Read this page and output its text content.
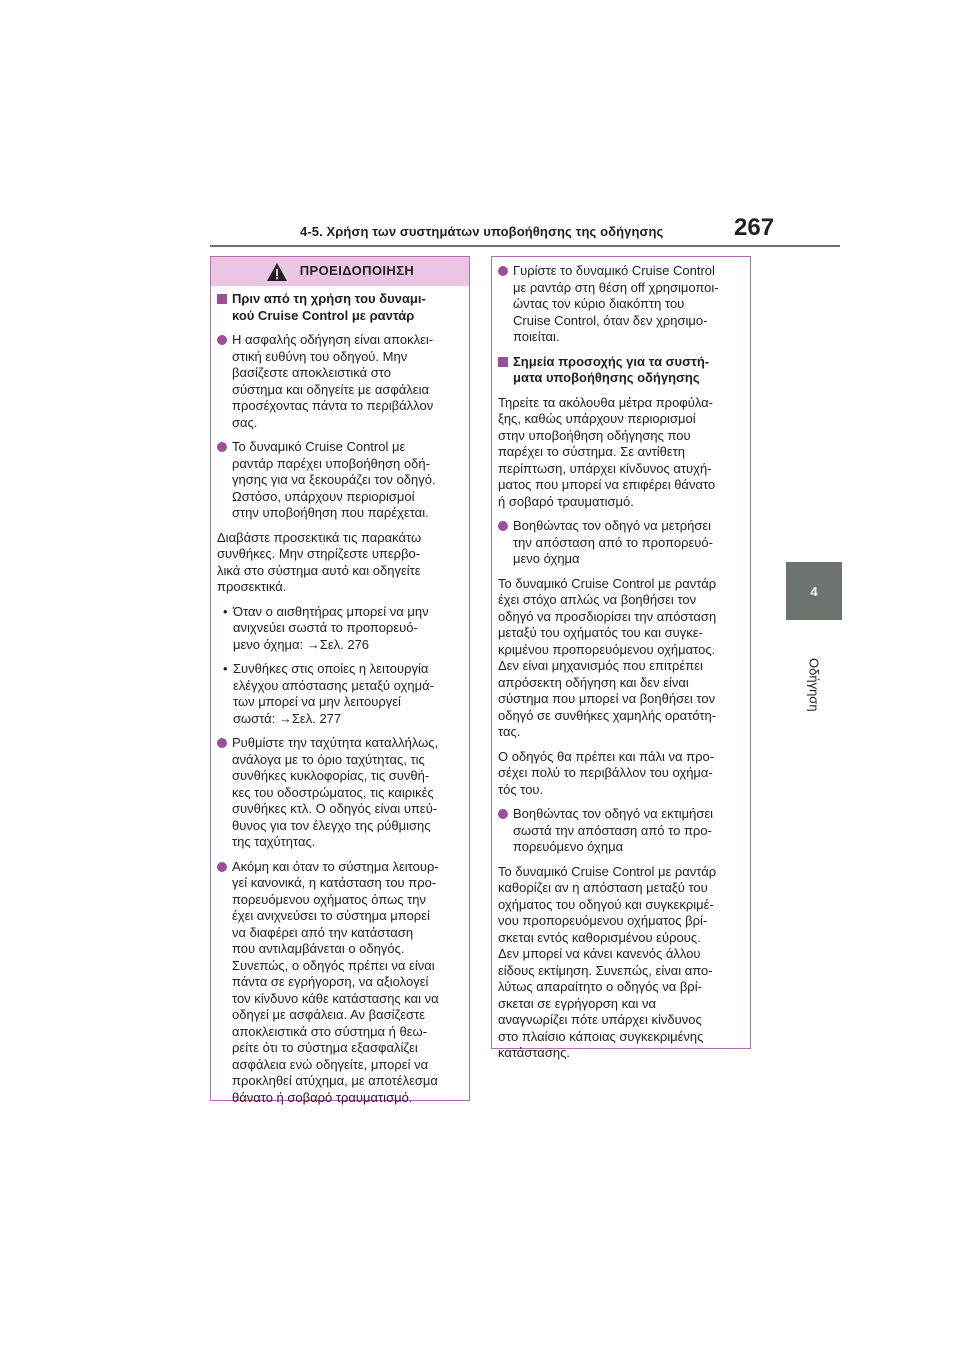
4-5. Χρήση των συστημάτων υποβοήθησης της οδήγησης	267
4
Οδήγηση
ΠΡΟΕΙΔΟΠΟΙΗΣΗ
Πριν από τη χρήση του δυναμι-
κού Cruise Control με ραντάρ
Η ασφαλής οδήγηση είναι αποκλει-
στική ευθύνη του οδηγού. Μην
βασίζεστε αποκλειστικά στο
σύστημα και οδηγείτε με ασφάλεια
προσέχοντας πάντα το περιβάλλον
σας.
Το δυναμικό Cruise Control με
ραντάρ παρέχει υποβοήθηση οδή-
γησης για να ξεκουράζει τον οδηγό.
Ωστόσο, υπάρχουν περιορισμοί
στην υποβοήθηση που παρέχεται.

Διαβάστε προσεκτικά τις παρακάτω
συνθήκες. Μην στηρίζεστε υπερβο-
λικά στο σύστημα αυτό και οδηγείτε
προσεκτικά.

• Όταν ο αισθητήρας μπορεί να μην
ανιχνεύει σωστά το προπορευό-
μενο όχημα: →Σελ. 276
• Συνθήκες στις οποίες η λειτουργία
ελέγχου απόστασης μεταξύ οχημά-
των μπορεί να μην λειτουργεί
σωστά: →Σελ. 277
Ρυθμίστε την ταχύτητα καταλλήλως,
ανάλογα με το όριο ταχύτητας, τις
συνθήκες κυκλοφορίας, τις συνθή-
κες του οδοστρώματος, τις καιρικές
συνθήκες κτλ. Ο οδηγός είναι υπεύ-
θυνος για τον έλεγχο της ρύθμισης
της ταχύτητας.
Ακόμη και όταν το σύστημα λειτουρ-
γεί κανονικά, η κατάσταση του προ-
πορευόμενου οχήματος όπως την
έχει ανιχνεύσει το σύστημα μπορεί
να διαφέρει από την κατάσταση
που αντιλαμβάνεται ο οδηγός.
Συνεπώς, ο οδηγός πρέπει να είναι
πάντα σε εγρήγορση, να αξιολογεί
τον κίνδυνο κάθε κατάστασης και να
οδηγεί με ασφάλεια. Αν βασίζεστε
αποκλειστικά στο σύστημα ή θεω-
ρείτε ότι το σύστημα εξασφαλίζει
ασφάλεια ενώ οδηγείτε, μπορεί να
προκληθεί ατύχημα, με αποτέλεσμα
θάνατο ή σοβαρό τραυματισμό.
Γυρίστε το δυναμικό Cruise Control
με ραντάρ στη θέση off χρησιμοποι-
ώντας τον κύριο διακόπτη του
Cruise Control, όταν δεν χρησιμο-
ποιείται.
Σημεία προσοχής για τα συστή-
ματα υποβοήθησης οδήγησης

Τηρείτε τα ακόλουθα μέτρα προφύλα-
ξης, καθώς υπάρχουν περιορισμοί
στην υποβοήθηση οδήγησης που
παρέχει το σύστημα. Σε αντίθετη
περίπτωση, υπάρχει κίνδυνος ατυχή-
ματος που μπορεί να επιφέρει θάνατο
ή σοβαρό τραυματισμό.

Βοηθώντας τον οδηγό να μετρήσει
την απόσταση από το προπορευό-
μενο όχημα

Το δυναμικό Cruise Control με ραντάρ
έχει στόχο απλώς να βοηθήσει τον
οδηγό να προσδιορίσει την απόσταση
μεταξύ του οχήματός του και συγκε-
κριμένου προπορευόμενου οχήματος.
Δεν είναι μηχανισμός που επιτρέπει
απρόσεκτη οδήγηση και δεν είναι
σύστημα που μπορεί να βοηθήσει τον
οδηγό σε συνθήκες χαμηλής ορατότη-
τας.

Ο οδηγός θα πρέπει και πάλι να προ-
σέχει πολύ το περιβάλλον του οχήμα-
τός του.

Βοηθώντας τον οδηγό να εκτιμήσει
σωστά την απόσταση από το προ-
πορευόμενο όχημα

Το δυναμικό Cruise Control με ραντάρ
καθορίζει αν η απόσταση μεταξύ του
οχήματος του οδηγού και συγκεκριμέ-
νου προπορευόμενου οχήματος βρί-
σκεται εντός καθορισμένου εύρους.
Δεν μπορεί να κάνει κανενός άλλου
είδους εκτίμηση. Συνεπώς, είναι απο-
λύτως απαραίτητο ο οδηγός να βρί-
σκεται σε εγρήγορση και να
αναγνωρίζει πότε υπάρχει κίνδυνος
στο πλαίσιο κάποιας συγκεκριμένης
κατάστασης.
